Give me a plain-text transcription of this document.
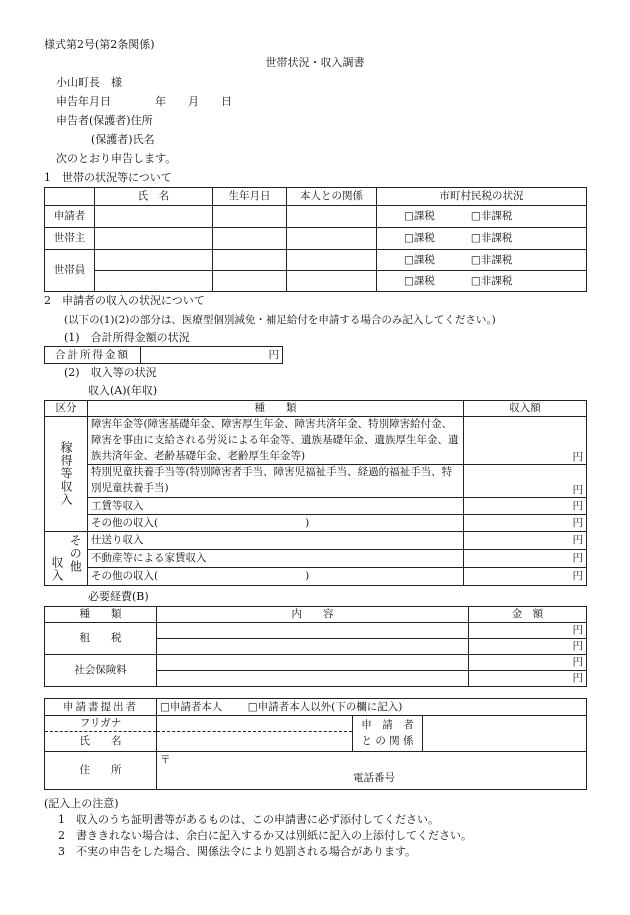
様式第2号(第2条関係)
世帯状況・収入調書
小山町長　様
申告年月日　　　　年　　月　　日
申告者(保護者)住所
(保護者)氏名
次のとおり申告します。
1　世帯の状況等について
	氏　名	生年月日	本人との関係	市町村民税の状況
申請者				□課税 □非課税
世帯主				□課税 □非課税
世帯員				□課税 □非課税
				□課税 □非課税
2　申請者の収入の状況について
(以下の(1)(2)の部分は、医療型個別減免・補足給付を申請する場合のみ記入してください。)
(1)　合計所得金額の状況
合計所得金額	円
(2)　収入等の状況
収入(A)(年収)
区分	種　　類	収入額

稼得等収入	障害年金等(障害基礎年金、障害厚生年金、障害共済年金、特別障害給付金、障害を事由に支給される労災による年金等、遺族基礎年金、遺族厚生年金、遺族共済年金、老齢基礎年金、老齢厚生年金等)	円
	特別児童扶養手当等(特別障害者手当、障害児福祉手当、経過的福祉手当、特別児童扶養手当)	円
	工賃等収入	円
	その他の収入(　　　　　　　　　　　　　　)	円

収入 その他	仕送り収入	円
	不動産等による家賃収入	円
	その他の収入(　　　　　　　　　　　　　　)	円
必要経費(B)
種　　類	内　　容	金　額
租　　税		円
		円
社会保険料		円
		円
申請書提出者	□申請者本人 □申請者本人以外(下の欄に記入)		
フリガナ		申　請　者　と の 関 係	
氏　　名			
住　　所	〒
電話番号		
(記入上の注意)
1　収入のうち証明書等があるものは、この申請書に必ず添付してください。
2　書ききれない場合は、余白に記入するか又は別紙に記入の上添付してください。
3　不実の申告をした場合、関係法令により処罰される場合があります。
